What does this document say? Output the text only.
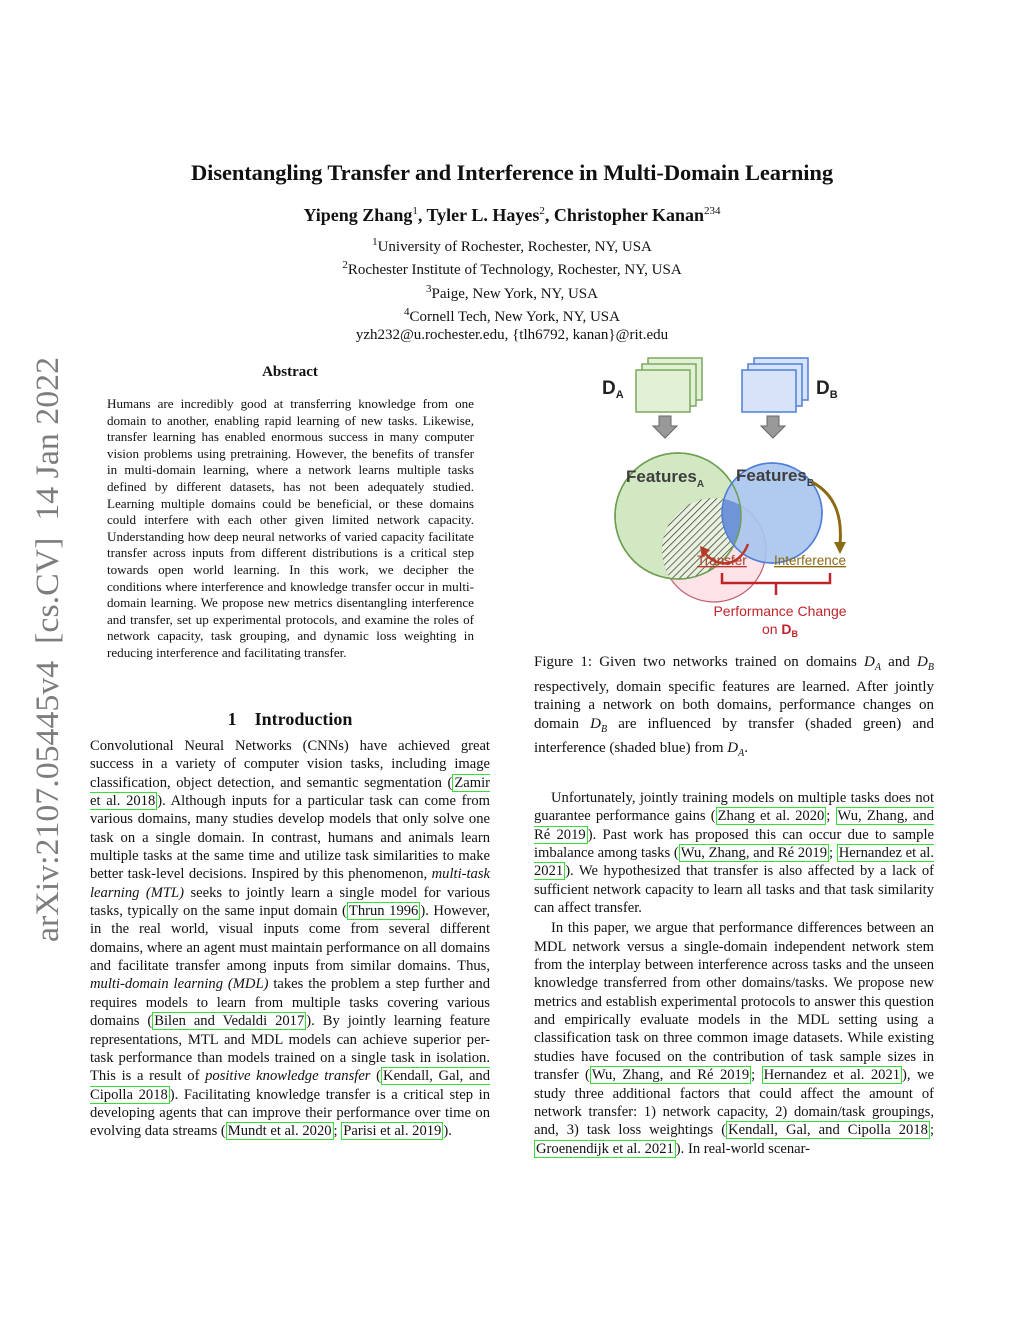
Disentangling Transfer and Interference in Multi-Domain Learning
Yipeng Zhang$^1$, Tyler L. Hayes$^2$, Christopher Kanan$^{234}$
$^1$University of Rochester, Rochester, NY, USA
$^2$Rochester Institute of Technology, Rochester, NY, USA
$^3$Paige, New York, NY, USA
$^4$Cornell Tech, New York, NY, USA
yzh232@u.rochester.edu, {tlh6792, kanan}@rit.edu
arXiv:2107.05445v4  [cs.CV]  14 Jan 2022	Abstract
Humans are incredibly good at transferring knowledge from one domain to another, enabling rapid learning of new tasks. Likewise, transfer learning has enabled enormous success in many computer vision problems using pretraining. However, the benefits of transfer in multi-domain learning, where a network learns multiple tasks defined by different datasets, has not been adequately studied. Learning multiple domains could be beneficial, or these domains could interfere with each other given limited network capacity. Understanding how deep neural networks of varied capacity facilitate transfer across inputs from different distributions is a critical step towards open world learning. In this work, we decipher the conditions where interference and knowledge transfer occur in multi-domain learning. We propose new metrics disentangling interference and transfer, set up experimental protocols, and examine the roles of network capacity, task grouping, and dynamic loss weighting in reducing interference and facilitating transfer.
1 Introduction

Convolutional Neural Networks (CNNs) have achieved great success in a variety of computer vision tasks, including image classification, object detection, and semantic segmentation ( Zamir et al. 2018 ). Although inputs for a particular task can come from various domains, many studies develop models that only solve one task on a single domain. In contrast, humans and animals learn multiple tasks at the same time and utilize task similarities to make better task-level decisions. Inspired by this phenomenon, multi-task learning (MTL) seeks to jointly learn a single model for various tasks, typically on the same input domain ( Thrun 1996 ). However, in the real world, visual inputs come from several different domains, where an agent must maintain performance on all domains and facilitate transfer among inputs from similar domains. Thus, multi-domain learning (MDL) takes the problem a step further and requires models to learn from multiple tasks covering various domains ( Bilen and Vedaldi 2017 ). By jointly learning feature representations, MTL and MDL models can achieve superior per-task performance than models trained on a single task in isolation. This is a result of positive knowledge transfer ( Kendall, Gal, and Cipolla 2018 ). Facilitating knowledge transfer is a critical step in developing agents that can improve their performance over time on evolving data streams ( Mundt et al. 2020 ; Parisi et al. 2019 ).

$D_A$	$D_B$
Features$_A$ Features$_B$
Transfer Interference
Performance Change
on $D_B$
Figure 1: Given two networks trained on domains $D_A$ and $D_B$ respectively, domain specific features are learned. After jointly training a network on both domains, performance changes on domain $D_B$ are influenced by transfer (shaded green) and interference (shaded blue) from $D_A$.

Unfortunately, jointly training models on multiple tasks does not guarantee performance gains ( Zhang et al. 2020 ; Wu, Zhang, and Ré 2019 ). Past work has proposed this can occur due to sample imbalance among tasks ( Wu, Zhang, and Ré 2019 ; Hernandez et al. 2021 ). We hypothesized that transfer is also affected by a lack of sufficient network capacity to learn all tasks and that task similarity can affect transfer.

In this paper, we argue that performance differences between an MDL network versus a single-domain independent network stem from the interplay between interference across tasks and the unseen knowledge transferred from other domains/tasks. We propose new metrics and establish experimental protocols to answer this question and empirically evaluate models in the MDL setting using a classification task on three common image datasets. While existing studies have focused on the contribution of task sample sizes in transfer ( Wu, Zhang, and Ré 2019 ; Hernandez et al. 2021 ), we study three additional factors that could affect the amount of network transfer: 1) network capacity, 2) domain/task groupings, and, 3) task loss weightings ( Kendall, Gal, and Cipolla 2018 ; Groenendijk et al. 2021 ). In real-world scenar-
